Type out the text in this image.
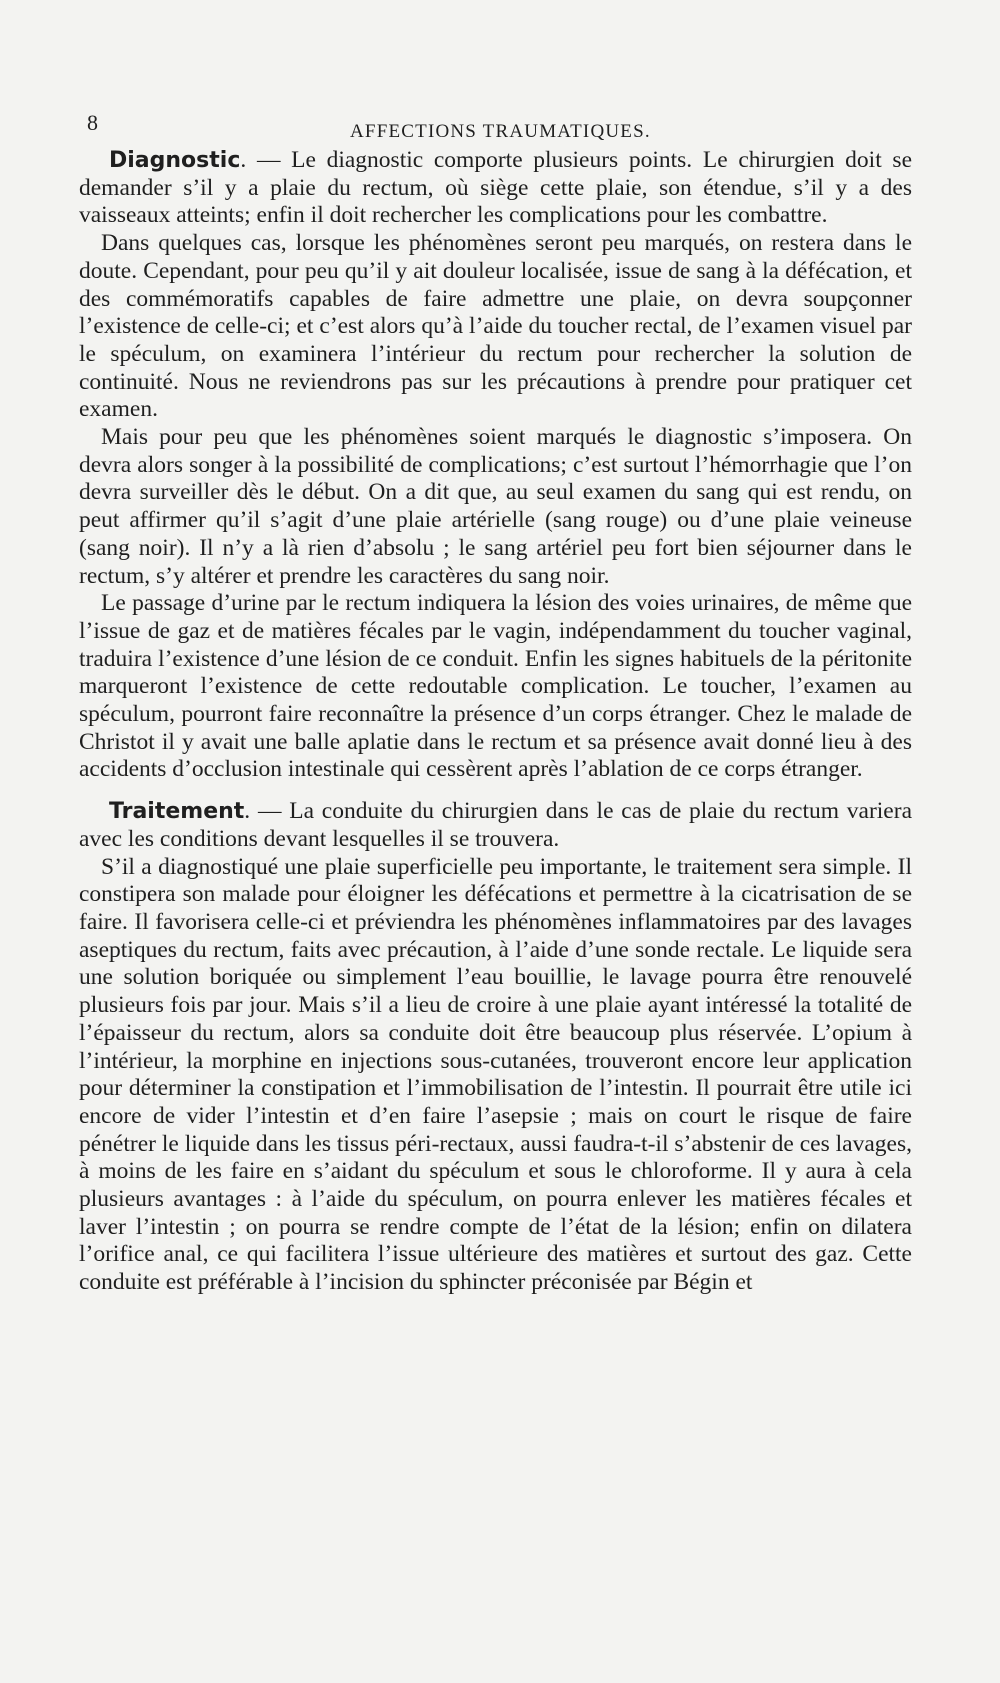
8	AFFECTIONS TRAUMATIQUES.

Diagnostic. — Le diagnostic comporte plusieurs points. Le chirurgien doit se demander s’il y a plaie du rectum, où siège cette plaie, son étendue, s’il y a des vaisseaux atteints; enfin il doit rechercher les complications pour les combattre.

Dans quelques cas, lorsque les phénomènes seront peu marqués, on restera dans le doute. Cependant, pour peu qu’il y ait douleur localisée, issue de sang à la défécation, et des commémoratifs capables de faire admettre une plaie, on devra soupçonner l’existence de celle-ci; et c’est alors qu’à l’aide du toucher rectal, de l’examen visuel par le spéculum, on examinera l’intérieur du rectum pour rechercher la solution de continuité. Nous ne reviendrons pas sur les précautions à prendre pour pratiquer cet examen.

Mais pour peu que les phénomènes soient marqués le diagnostic s’imposera. On devra alors songer à la possibilité de complications; c’est surtout l’hémorrhagie que l’on devra surveiller dès le début. On a dit que, au seul examen du sang qui est rendu, on peut affirmer qu’il s’agit d’une plaie artérielle (sang rouge) ou d’une plaie veineuse (sang noir). Il n’y a là rien d’absolu ; le sang artériel peu fort bien séjourner dans le rectum, s’y altérer et prendre les caractères du sang noir.

Le passage d’urine par le rectum indiquera la lésion des voies urinaires, de même que l’issue de gaz et de matières fécales par le vagin, indépendamment du toucher vaginal, traduira l’existence d’une lésion de ce conduit. Enfin les signes habituels de la péritonite marqueront l’existence de cette redoutable complication. Le toucher, l’examen au spéculum, pourront faire reconnaître la présence d’un corps étranger. Chez le malade de Christot il y avait une balle aplatie dans le rectum et sa présence avait donné lieu à des accidents d’occlusion intestinale qui cessèrent après l’ablation de ce corps étranger.

Traitement. — La conduite du chirurgien dans le cas de plaie du rectum variera avec les conditions devant lesquelles il se trouvera.

S’il a diagnostiqué une plaie superficielle peu importante, le traitement sera simple. Il constipera son malade pour éloigner les défécations et permettre à la cicatrisation de se faire. Il favorisera celle-ci et préviendra les phénomènes inflammatoires par des lavages aseptiques du rectum, faits avec précaution, à l’aide d’une sonde rectale. Le liquide sera une solution boriquée ou simplement l’eau bouillie, le lavage pourra être renouvelé plusieurs fois par jour. Mais s’il a lieu de croire à une plaie ayant intéressé la totalité de l’épaisseur du rectum, alors sa conduite doit être beaucoup plus réservée. L’opium à l’intérieur, la morphine en injections sous-cutanées, trouveront encore leur application pour déterminer la constipation et l’immobilisation de l’intestin. Il pourrait être utile ici encore de vider l’intestin et d’en faire l’asepsie ; mais on court le risque de faire pénétrer le liquide dans les tissus péri-rectaux, aussi faudra-t-il s’abstenir de ces lavages, à moins de les faire en s’aidant du spéculum et sous le chloroforme. Il y aura à cela plusieurs avantages : à l’aide du spéculum, on pourra enlever les matières fécales et laver l’intestin ; on pourra se rendre compte de l’état de la lésion; enfin on dilatera l’orifice anal, ce qui facilitera l’issue ultérieure des matières et surtout des gaz. Cette conduite est préférable à l’incision du sphincter préconisée par Bégin et
